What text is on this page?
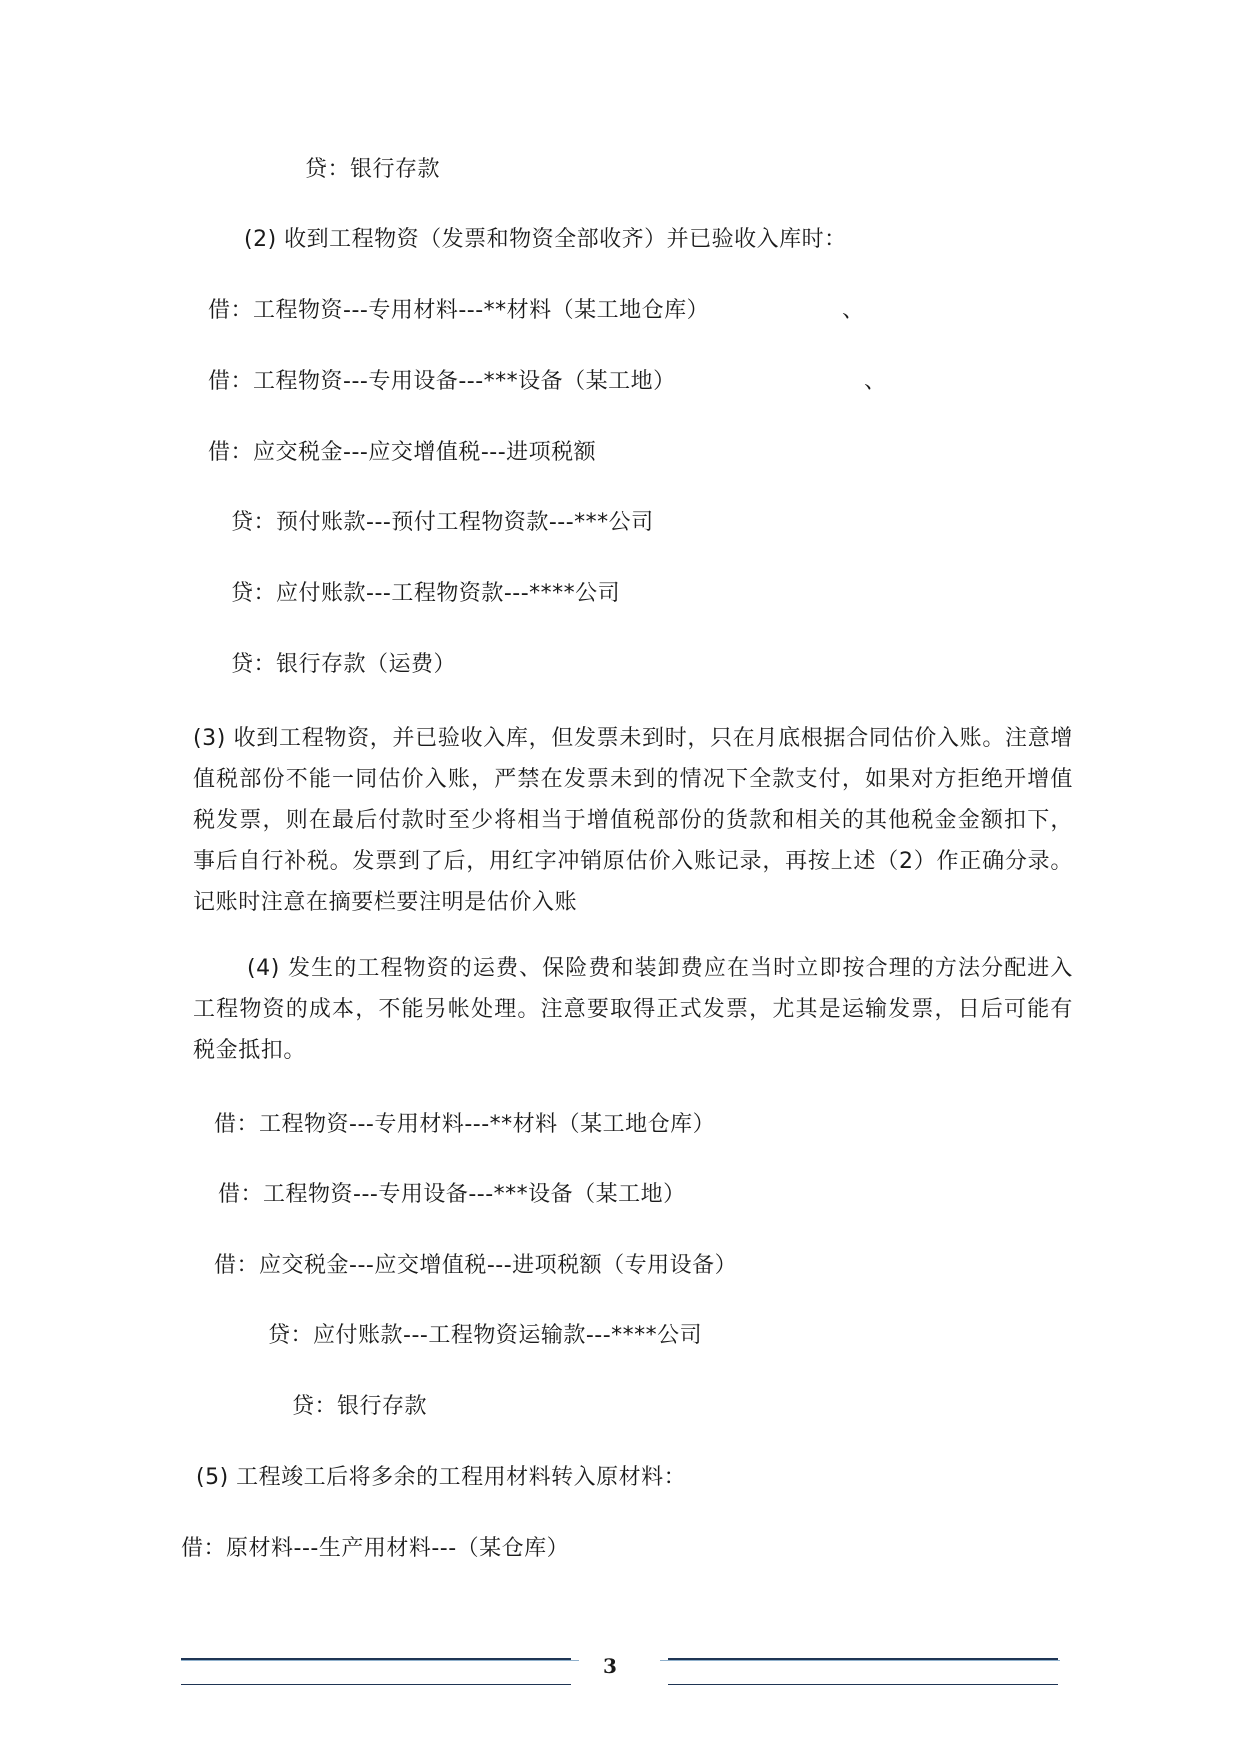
贷：银行存款
(2) 收到工程物资（发票和物资全部收齐）并已验收入库时：
借：工程物资---专用材料---**材料（某工地仓库）	、
借：工程物资---专用设备---***设备（某工地）	、
借：应交税金---应交增值税---进项税额
贷：预付账款---预付工程物资款---***公司
贷：应付账款---工程物资款---****公司
贷：银行存款（运费）
(3) 收到工程物资，并已验收入库，但发票未到时，只在月底根据合同估价入账。注意增值税部份不能一同估价入账，严禁在发票未到的情况下全款支付，如果对方拒绝开增值税发票，则在最后付款时至少将相当于增值税部份的货款和相关的其他税金金额扣下，事后自行补税。发票到了后，用红字冲销原估价入账记录，再按上述（2）作正确分录。记账时注意在摘要栏要注明是估价入账
(4) 发生的工程物资的运费、保险费和装卸费应在当时立即按合理的方法分配进入工程物资的成本，不能另帐处理。注意要取得正式发票，尤其是运输发票，日后可能有税金抵扣。
借：工程物资---专用材料---**材料（某工地仓库）
借：工程物资---专用设备---***设备（某工地）
借：应交税金---应交增值税---进项税额（专用设备）
贷：应付账款---工程物资运输款---****公司
贷：银行存款
(5) 工程竣工后将多余的工程用材料转入原材料：
借：原材料---生产用材料---（某仓库）
3
